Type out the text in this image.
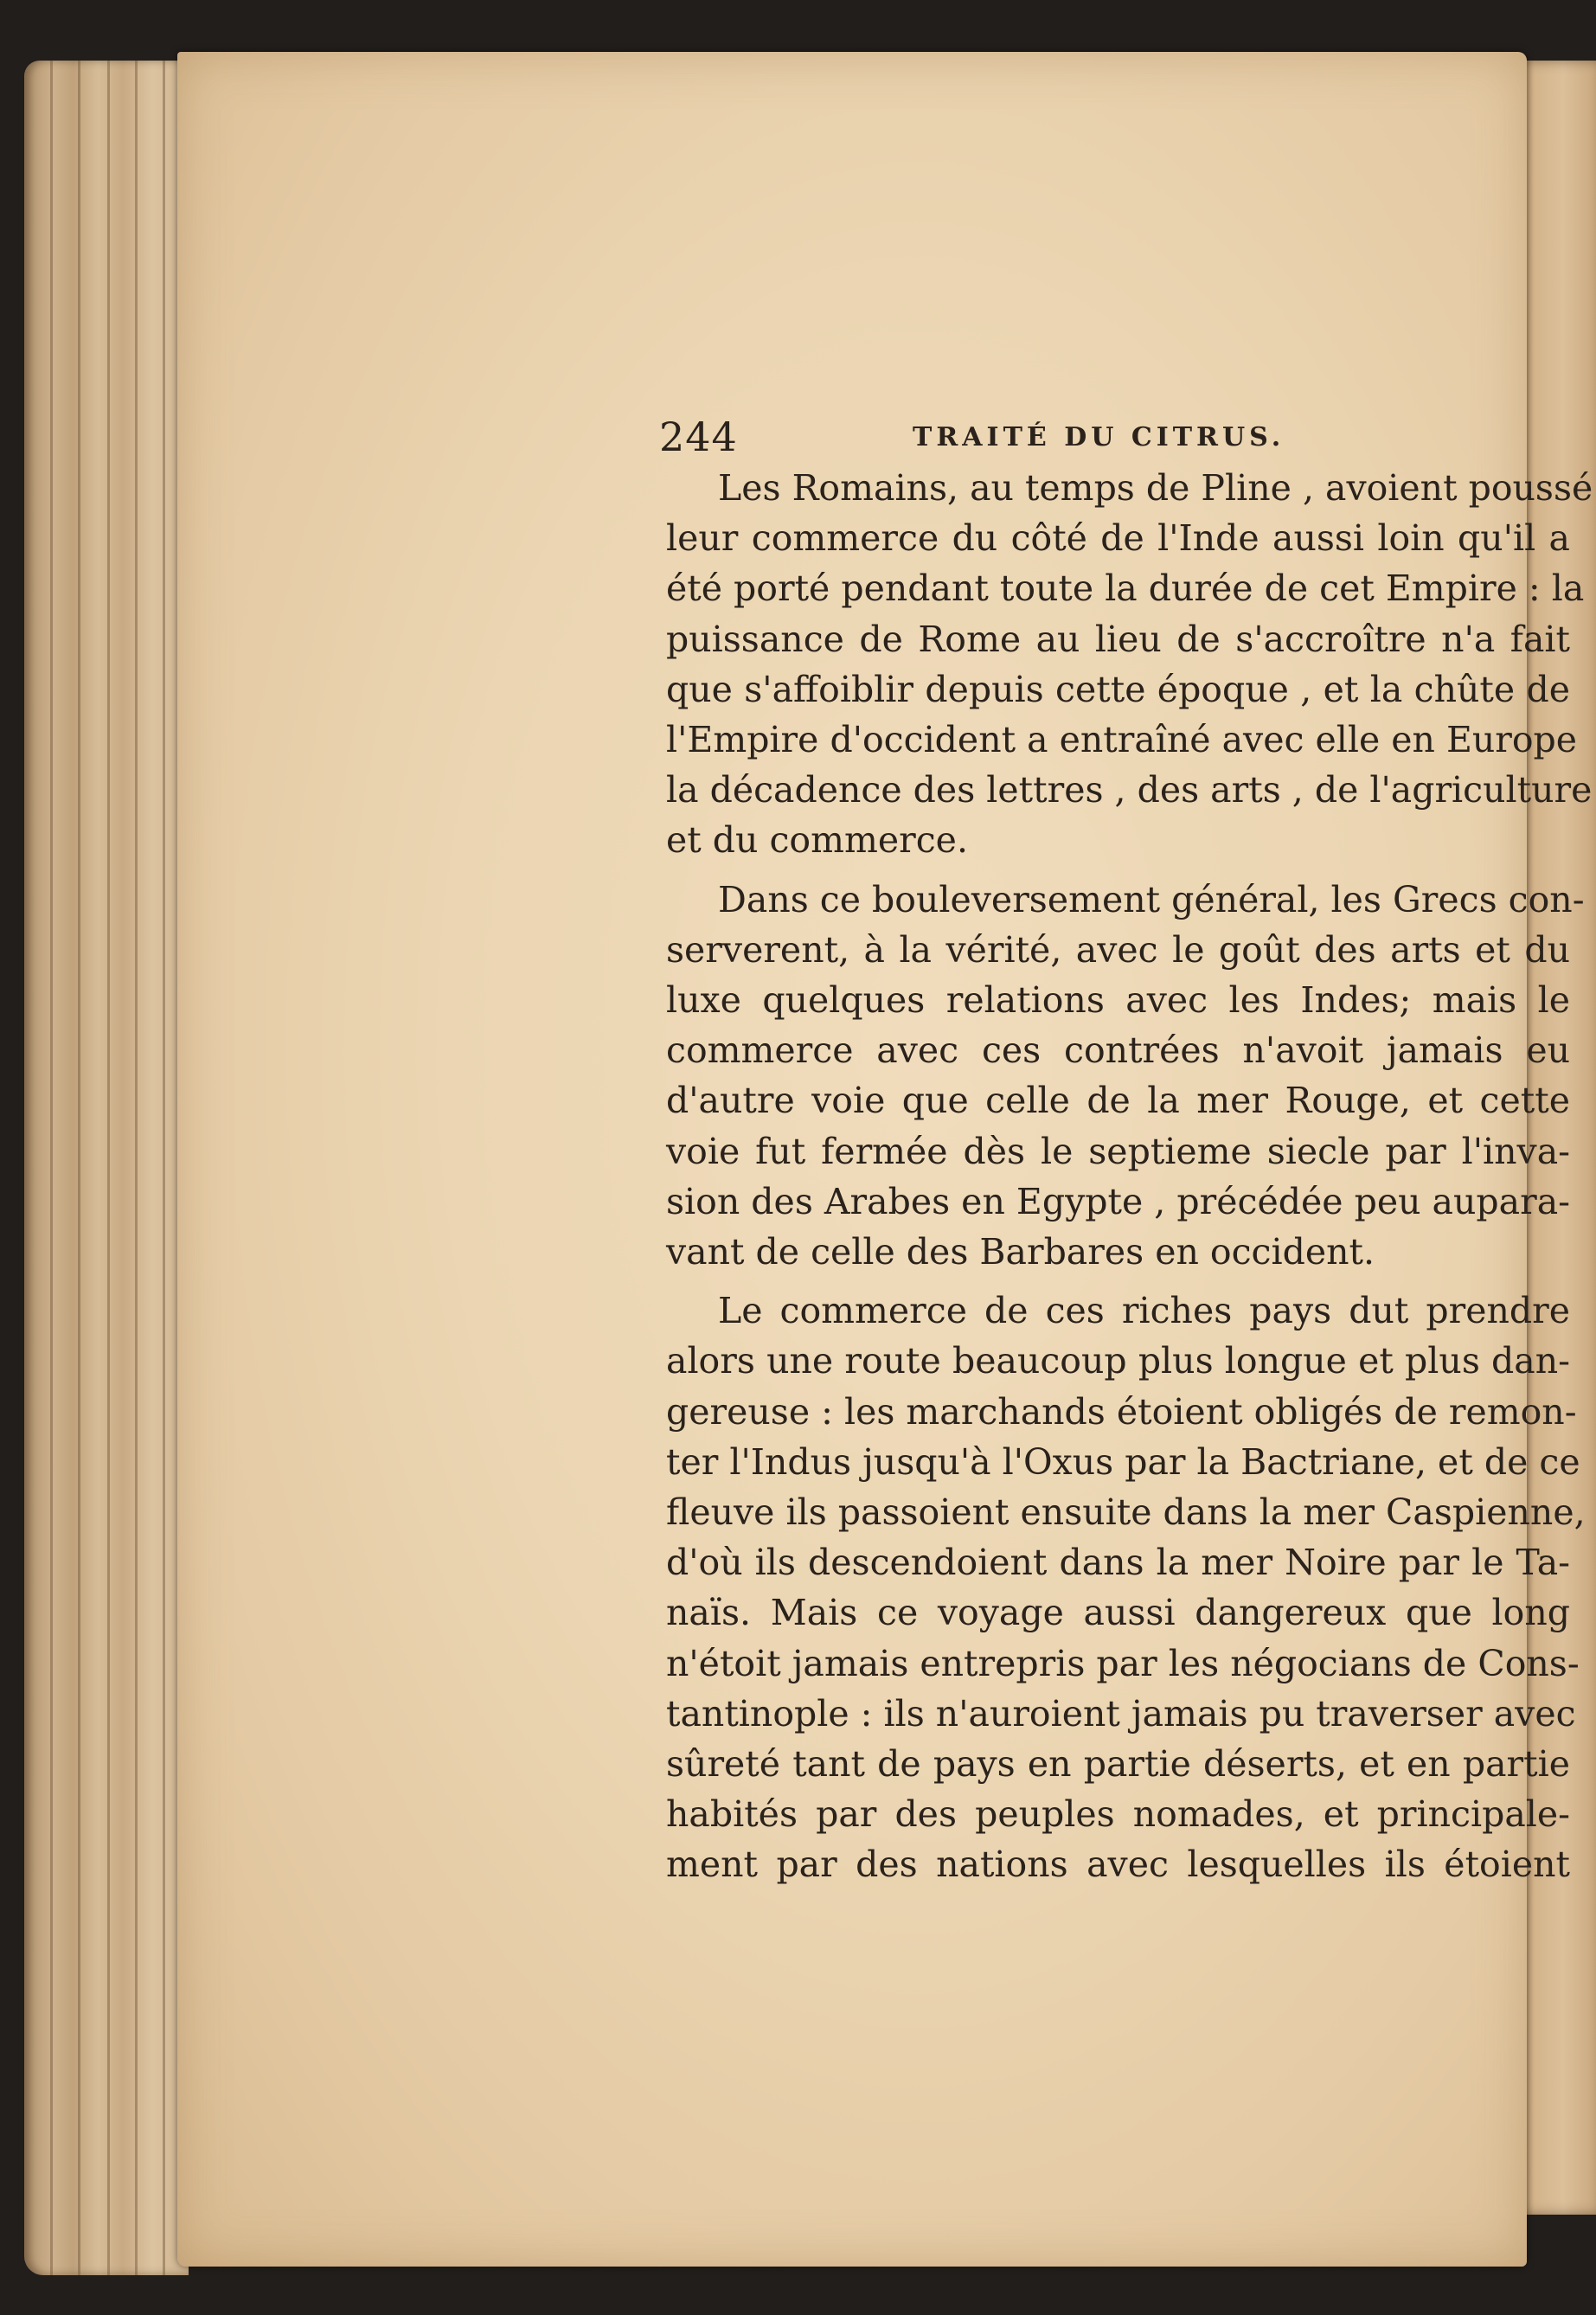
244	TRAITÉ DU CITRUS.
Les Romains, au temps de Pline , avoient poussé
leur commerce du côté de l'Inde aussi loin qu'il a
été porté pendant toute la durée de cet Empire : la
puissance de Rome au lieu de s'accroître n'a fait
que s'affoiblir depuis cette époque , et la chûte de
l'Empire d'occident a entraîné avec elle en Europe
la décadence des lettres , des arts , de l'agriculture
et du commerce.
Dans ce bouleversement général, les Grecs con-
serverent, à la vérité, avec le goût des arts et du
luxe quelques relations avec les Indes; mais le
commerce avec ces contrées n'avoit jamais eu
d'autre voie que celle de la mer Rouge, et cette
voie fut fermée dès le septieme siecle par l'inva-
sion des Arabes en Egypte , précédée peu aupara-
vant de celle des Barbares en occident.
Le commerce de ces riches pays dut prendre
alors une route beaucoup plus longue et plus dan-
gereuse : les marchands étoient obligés de remon-
ter l'Indus jusqu'à l'Oxus par la Bactriane, et de ce
fleuve ils passoient ensuite dans la mer Caspienne,
d'où ils descendoient dans la mer Noire par le Ta-
naïs. Mais ce voyage aussi dangereux que long
n'étoit jamais entrepris par les négocians de Cons-
tantinople : ils n'auroient jamais pu traverser avec
sûreté tant de pays en partie déserts, et en partie
habités par des peuples nomades, et principale-
ment par des nations avec lesquelles ils étoient
